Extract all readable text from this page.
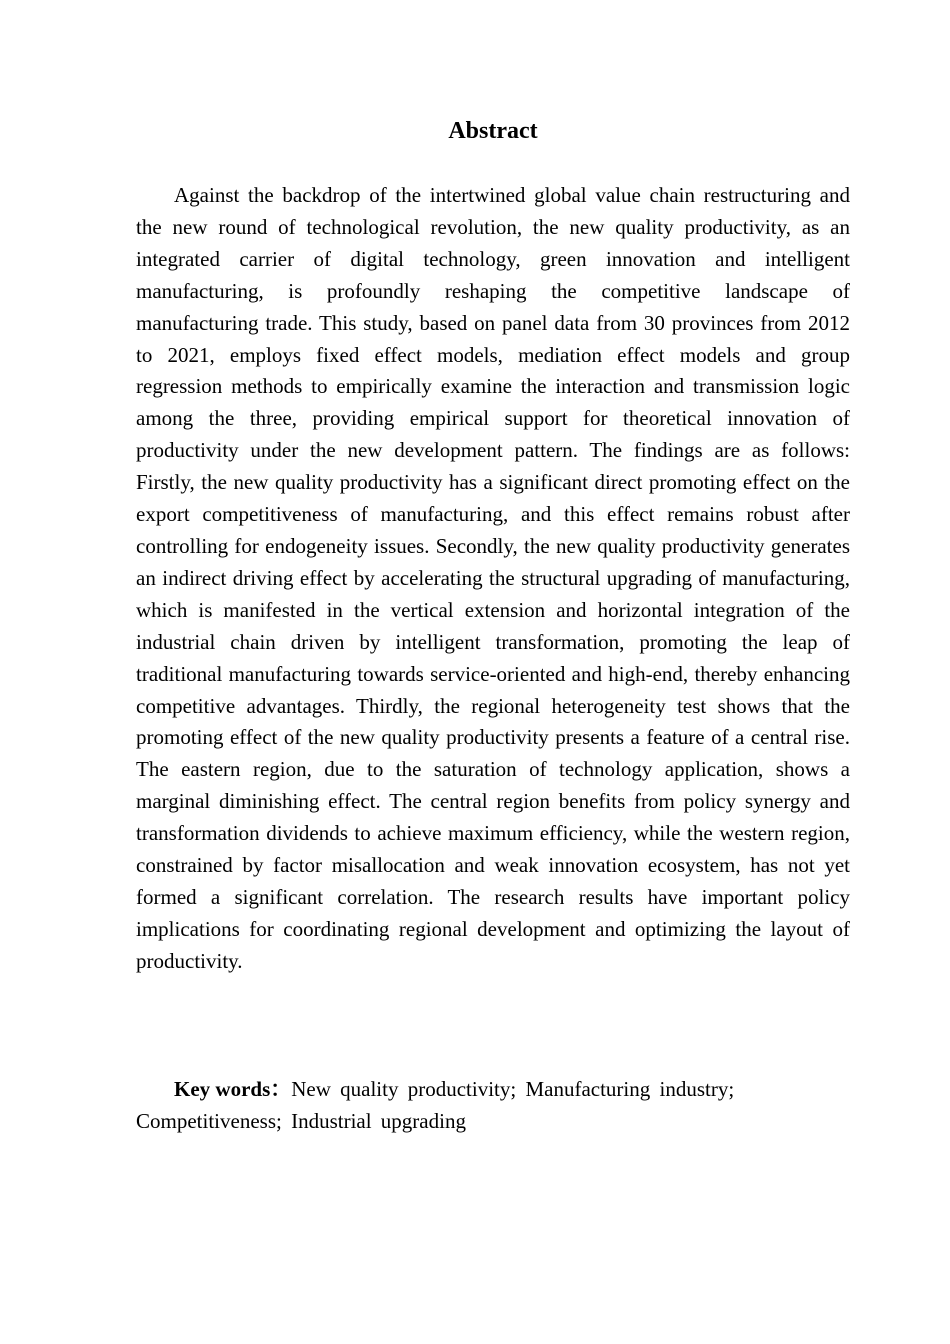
Abstract

Against the backdrop of the intertwined global value chain restructuring and the new round of technological revolution, the new quality productivity, as an integrated carrier of digital technology, green innovation and intelligent manufacturing, is profoundly reshaping the competitive landscape of manufacturing trade. This study, based on panel data from 30 provinces from 2012 to 2021, employs fixed effect models, mediation effect models and group regression methods to empirically examine the interaction and transmission logic among the three, providing empirical support for theoretical innovation of productivity under the new development pattern. The findings are as follows: Firstly, the new quality productivity has a significant direct promoting effect on the export competitiveness of manufacturing, and this effect remains robust after controlling for endogeneity issues. Secondly, the new quality productivity generates an indirect driving effect by accelerating the structural upgrading of manufacturing, which is manifested in the vertical extension and horizontal integration of the industrial chain driven by intelligent transformation, promoting the leap of traditional manufacturing towards service-oriented and high-end, thereby enhancing competitive advantages. Thirdly, the regional heterogeneity test shows that the promoting effect of the new quality productivity presents a feature of a central rise. The eastern region, due to the saturation of technology application, shows a marginal diminishing effect. The central region benefits from policy synergy and transformation dividends to achieve maximum efficiency, while the western region, constrained by factor misallocation and weak innovation ecosystem, has not yet formed a significant correlation. The research results have important policy implications for coordinating regional development and optimizing the layout of productivity.

Key words：New quality productivity; Manufacturing industry; Competitiveness; Industrial upgrading
